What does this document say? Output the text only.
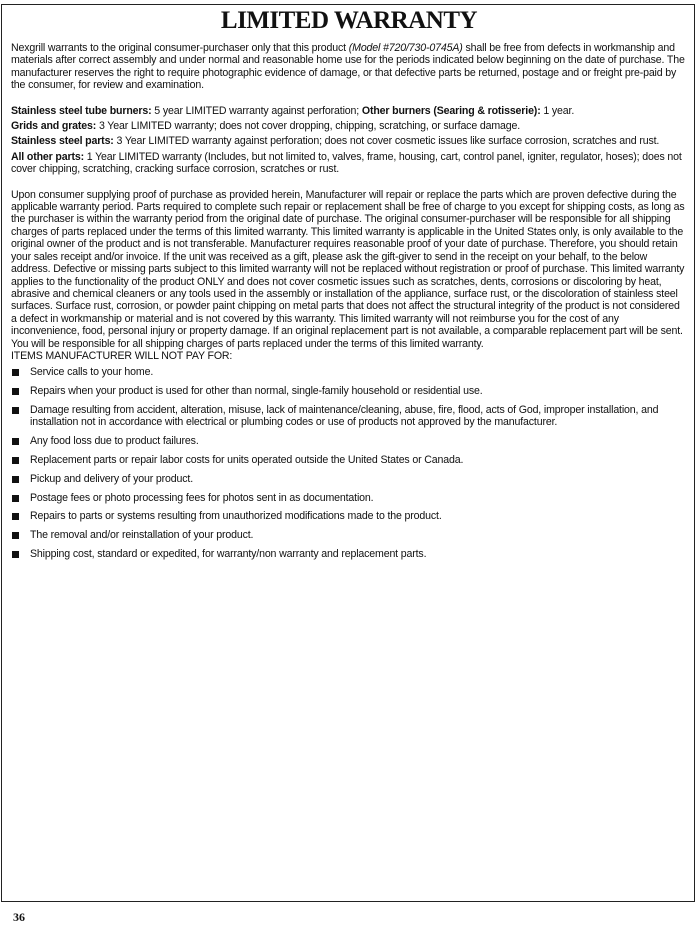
LIMITED WARRANTY

Nexgrill warrants to the original consumer-purchaser only that this product (Model #720/730-0745A) shall be free from defects in workmanship and materials after correct assembly and under normal and reasonable home use for the periods indicated below beginning on the date of purchase. The manufacturer reserves the right to require photographic evidence of damage, or that defective parts be returned, postage and or freight pre-paid by the consumer, for review and examination.

Stainless steel tube burners: 5 year LIMITED warranty against perforation; Other burners (Searing & rotisserie): 1 year.

Grids and grates: 3 Year LIMITED warranty; does not cover dropping, chipping, scratching, or surface damage.

Stainless steel parts: 3 Year LIMITED warranty against perforation; does not cover cosmetic issues like surface corrosion, scratches and rust.

All other parts: 1 Year LIMITED warranty (Includes, but not limited to, valves, frame, housing, cart, control panel, igniter, regulator, hoses); does not cover chipping, scratching, cracking surface corrosion, scratches or rust.

Upon consumer supplying proof of purchase as provided herein, Manufacturer will repair or replace the parts which are proven defective during the applicable warranty period. Parts required to complete such repair or replacement shall be free of charge to you except for shipping costs, as long as the purchaser is within the warranty period from the original date of purchase. The original consumer-purchaser will be responsible for all shipping charges of parts replaced under the terms of this limited warranty. This limited warranty is applicable in the United States only, is only available to the original owner of the product and is not transferable. Manufacturer requires reasonable proof of your date of purchase. Therefore, you should retain your sales receipt and/or invoice. If the unit was received as a gift, please ask the gift-giver to send in the receipt on your behalf, to the below address. Defective or missing parts subject to this limited warranty will not be replaced without registration or proof of purchase. This limited warranty applies to the functionality of the product ONLY and does not cover cosmetic issues such as scratches, dents, corrosions or discoloring by heat, abrasive and chemical cleaners or any tools used in the assembly or installation of the appliance, surface rust, or the discoloration of stainless steel surfaces. Surface rust, corrosion, or powder paint chipping on metal parts that does not affect the structural integrity of the product is not considered a defect in workmanship or material and is not covered by this warranty. This limited warranty will not reimburse you for the cost of any inconvenience, food, personal injury or property damage. If an original replacement part is not available, a comparable replacement part will be sent. You will be responsible for all shipping charges of parts replaced under the terms of this limited warranty.

ITEMS MANUFACTURER WILL NOT PAY FOR:

Service calls to your home.
Repairs when your product is used for other than normal, single-family household or residential use.
Damage resulting from accident, alteration, misuse, lack of maintenance/cleaning, abuse, fire, flood, acts of God, improper installation, and installation not in accordance with electrical or plumbing codes or use of products not approved by the manufacturer.
Any food loss due to product failures.
Replacement parts or repair labor costs for units operated outside the United States or Canada.
Pickup and delivery of your product.
Postage fees or photo processing fees for photos sent in as documentation.
Repairs to parts or systems resulting from unauthorized modifications made to the product.
The removal and/or reinstallation of your product.
Shipping cost, standard or expedited, for warranty/non warranty and replacement parts.
36
